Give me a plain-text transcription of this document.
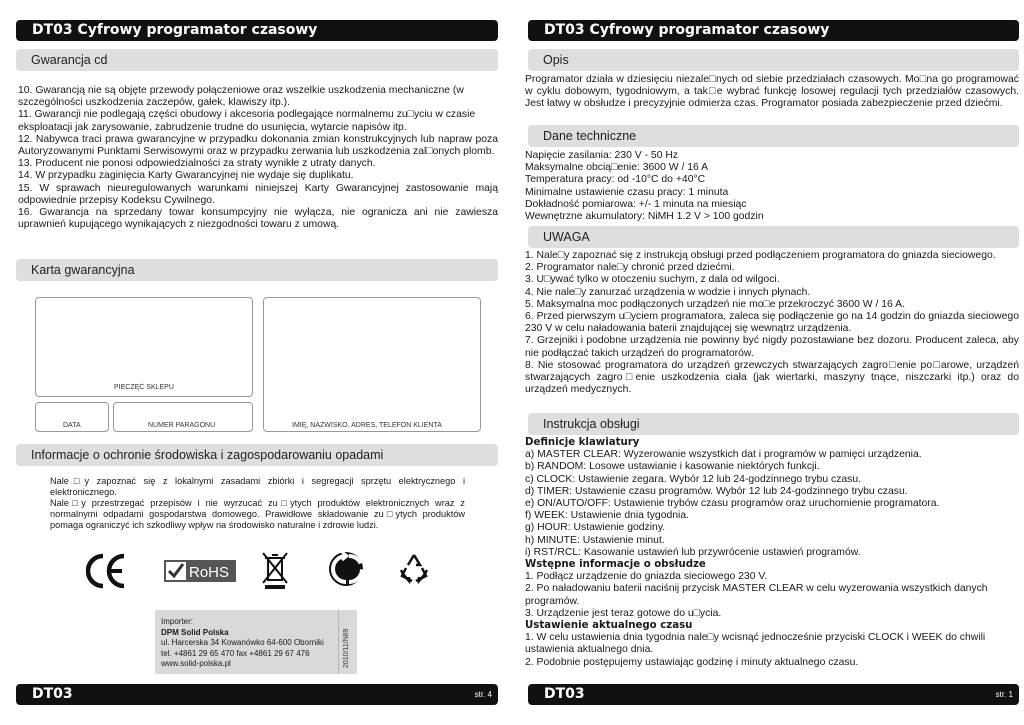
DT03 Cyfrowy programator czasowy
Gwarancja cd

10. Gwarancją nie są objęte przewody połączeniowe oraz wszelkie uszkodzenia mechaniczne (w szczególności uszkodzenia zaczepów, gałek, klawiszy itp.).

11. Gwarancji nie podlegają części obudowy i akcesoria podlegające normalnemu zu□yciu w czasie eksploatacji jak zarysowanie, zabrudzenie trudne do usunięcia, wytarcie napisów itp.

12. Nabywca traci prawa gwarancyjne w przypadku dokonania zmian konstrukcyjnych lub napraw poza Autoryzowanymi Punktami Serwisowymi oraz w przypadku zerwania lub uszkodzenia zal□onych plomb.

13. Producent nie ponosi odpowiedzialności za straty wynikłe z utraty danych.

14. W przypadku zaginięcia Karty Gwarancyjnej nie wydaje się duplikatu.

15. W sprawach nieuregulowanych warunkami niniejszej Karty Gwarancyjnej zastosowanie mają odpowiednie przepisy Kodeksu Cywilnego.

16. Gwarancja na sprzedany towar konsumpcyjny nie wyłącza, nie ogranicza ani nie zawiesza uprawnień kupującego wynikających z niezgodności towaru z umową.

Karta gwarancyjna
PIECZĘĆ SKLEPU
DATA	NUMER PARAGONU	IMIĘ, NAZWISKO, ADRES, TELEFON KLIENTA
Informacje o ochronie środowiska i zagospodarowaniu opadami

Nale□y zapoznać się z lokalnymi zasadami zbiórki i segregacji sprzętu elektrycznego i elektronicznego.

Nale□y przestrzegać przepisów i nie wyrzucać zu□ytych produktów elektronicznych wraz z normalnymi odpadami gospodarstwa domowego. Prawidłowe składowanie zu□ytych produktów pomaga ograniczyć ich szkodliwy wpływ na środowisko naturalne i zdrowie ludzi.

RoHS
Importer:
DPM Solid Polska
ul. Harcerska 34 Kowanówko 64-600 Oborniki
tel. +4861 29 65 470 fax +4861 29 67 476
www.solid-polska.pl	2010/11/N89
DT03	str. 4
DT03 Cyfrowy programator czasowy
Opis

Programator działa w dziesięciu niezale□nych od siebie przedziałach czasowych. Mo□na go programować w cyklu dobowym, tygodniowym, a tak□e wybrać funkcję losowej regulacji tych przedziałów czasowych. Jest łatwy w obsłudze i precyzyjnie odmierza czas. Programator posiada zabezpieczenie przed dziećmi.

Dane techniczne
Napięcie zasilania: 230 V - 50 Hz
Maksymalne obcią□enie: 3600 W / 16 A
Temperatura pracy: od -10°C do +40°C
Minimalne ustawienie czasu pracy: 1 minuta
Dokładność pomiarowa: +/- 1 minuta na miesiąc
Wewnętrzne akumulatory: NiMH 1.2 V > 100 godzin
UWAGA

1. Nale□y zapoznać się z instrukcją obsługi przed podłączeniem programatora do gniazda sieciowego.

2. Programator nale□y chronić przed dziećmi.

3. U□ywać tylko w otoczeniu suchym, z dala od wilgoci.

4. Nie nale□y zanurzać urządzenia w wodzie i innych płynach.

5. Maksymalna moc podłączonych urządzeń nie mo□e przekroczyć 3600 W / 16 A.

6. Przed pierwszym u□yciem programatora, zaleca się podłączenie go na 14 godzin do gniazda sieciowego 230 V w celu naładowania baterii znajdującej się wewnątrz urządzenia.

7. Grzejniki i podobne urządzenia nie powinny być nigdy pozostawiane bez dozoru. Producent zaleca, aby nie podłączać takich urządzeń do programatorów.

8. Nie stosować programatora do urządzeń grzewczych stwarzających zagro□enie po□arowe, urządzeń stwarzających zagro□enie uszkodzenia ciała (jak wiertarki, maszyny tnące, niszczarki itp.) oraz do urządzeń medycznych.

Instrukcja obsługi
Definicje klawiatury
a) MASTER CLEAR: Wyzerowanie wszystkich dat i programów w pamięci urządzenia.
b) RANDOM: Losowe ustawianie i kasowanie niektórych funkcji.
c) CLOCK: Ustawienie zegara. Wybór 12 lub 24-godzinnego trybu czasu.
d) TIMER: Ustawienie czasu programów. Wybór 12 lub 24-godzinnego trybu czasu.
e) ON/AUTO/OFF: Ustawienie trybów czasu programów oraz uruchomienie programatora.
f) WEEK: Ustawienie dnia tygodnia.
g) HOUR: Ustawienie godziny.
h) MINUTE: Ustawienie minut.
i) RST/RCL: Kasowanie ustawień lub przywrócenie ustawień programów.
Wstępne informacje o obsłudze
1. Podłącz urządzenie do gniazda sieciowego 230 V.
2. Po naładowaniu baterii naciśnij przycisk MASTER CLEAR w celu wyzerowania wszystkich danych programów.
3. Urządzenie jest teraz gotowe do u□ycia.
Ustawienie aktualnego czasu
1. W celu ustawienia dnia tygodnia nale□y wcisnąć jednocześnie przyciski CLOCK i WEEK do chwili ustawienia aktualnego dnia.
2. Podobnie postępujemy ustawiając godzinę i minuty aktualnego czasu.
DT03	str. 1
